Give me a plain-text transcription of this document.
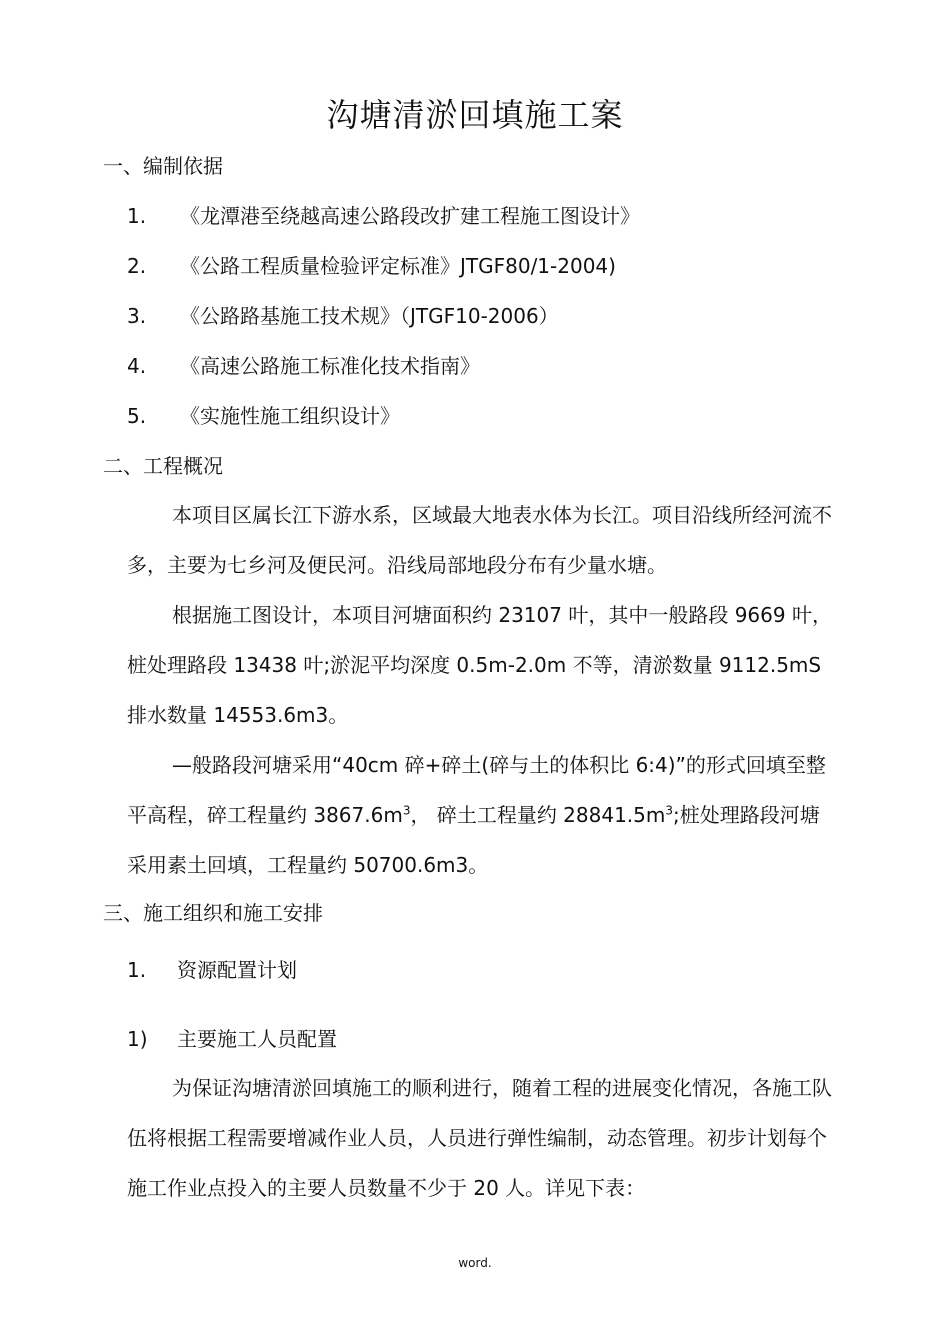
沟塘清淤回填施工案
一、编制依据
1. 《龙潭港至绕越高速公路段改扩建工程施工图设计》
2. 《公路工程质量检验评定标准》JTGF80/1-2004)
3. 《公路路基施工技术规》（JTGF10-2006）
4. 《高速公路施工标准化技术指南》
5. 《实施性施工组织设计》
二、工程概况
本项目区属长江下游水系，区域最大地表水体为长江。项目沿线所经河流不
多，主要为七乡河及便民河。沿线局部地段分布有少量水塘。
根据施工图设计，本项目河塘面积约 23107 叶，其中一般路段 9669 叶，
桩处理路段 13438 叶;淤泥平均深度 0.5m-2.0m 不等，清淤数量 9112.5mS
排水数量 14553.6m3。
—般路段河塘采用“40cm 碎+碎土(碎与土的体积比 6:4)”的形式回填至整
平高程，碎工程量约 $3867.6m^3$， 碎土工程量约 $28841.5m^3$;桩处理路段河塘
采用素土回填，工程量约 50700.6m3。
三、施工组织和施工安排
1. 资源配置计划
1) 主要施工人员配置
为保证沟塘清淤回填施工的顺利进行，随着工程的进展变化情况，各施工队
伍将根据工程需要增减作业人员，人员进行弹性编制，动态管理。初步计划每个
施工作业点投入的主要人员数量不少于 20 人。详见下表：
word.
